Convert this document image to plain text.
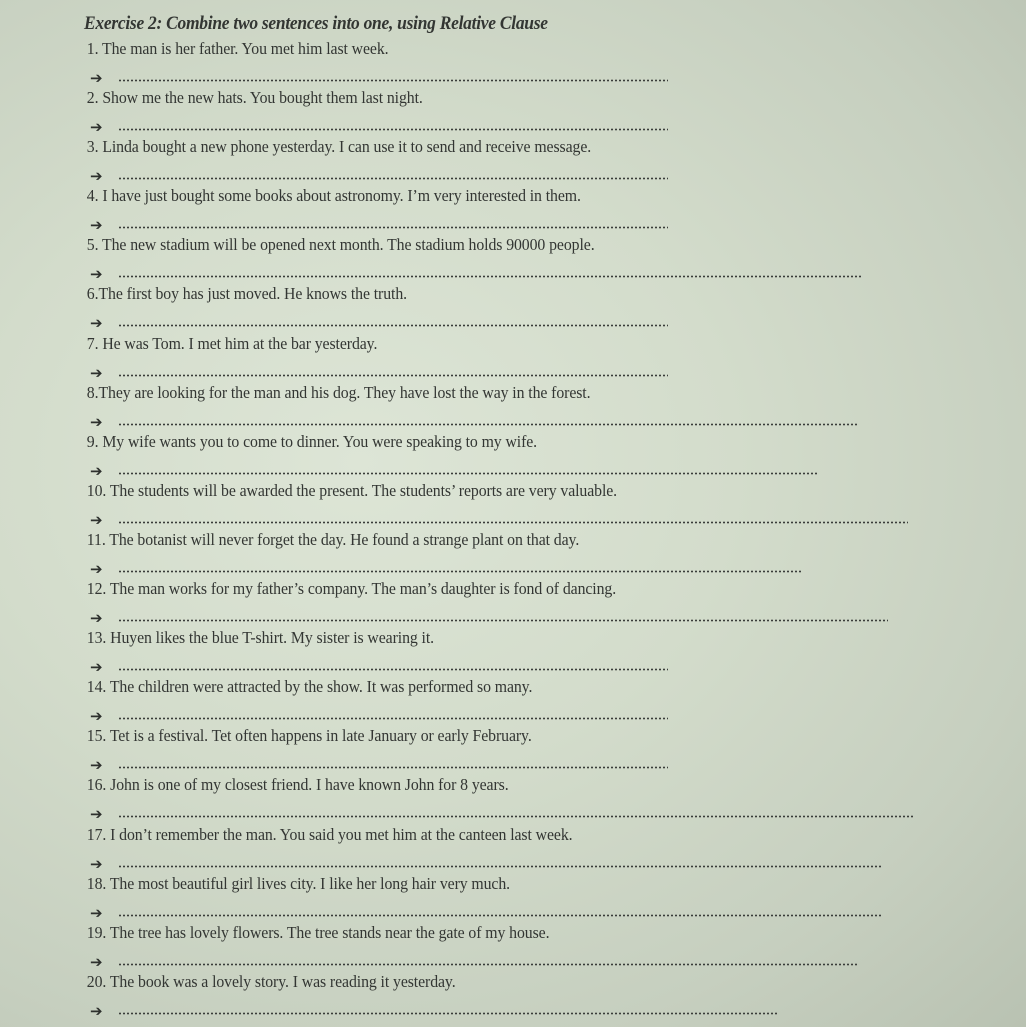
Exercise 2: Combine two sentences into one, using Relative Clause
1. The man is her father. You met him last week.
➔
2. Show me the new hats. You bought them last night.
➔
3. Linda bought a new phone yesterday. I can use it to send and receive message.
➔
4. I have just bought some books about astronomy. I’m very interested in them.
➔
5. The new stadium will be opened next month. The stadium holds 90000 people.
➔
6.The first boy has just moved. He knows the truth.
➔
7. He was Tom. I met him at the bar yesterday.
➔
8.They are looking for the man and his dog. They have lost the way in the forest.
➔
9. My wife wants you to come to dinner. You were speaking to my wife.
➔
10. The students will be awarded the present. The students’ reports are very valuable.
➔
11. The botanist will never forget the day. He found a strange plant on that day.
➔
12. The man works for my father’s company. The man’s daughter is fond of dancing.
➔
13. Huyen likes the blue T-shirt. My sister is wearing it.
➔
14. The children were attracted by the show. It was performed so many.
➔
15. Tet is a festival. Tet often happens in late January or early February.
➔
16. John is one of my closest friend. I have known John for 8 years.
➔
17. I don’t remember the man. You said you met him at the canteen last week.
➔
18. The most beautiful girl lives city. I like her long hair very much.
➔
19. The tree has lovely flowers. The tree stands near the gate of my house.
➔
20. The book was a lovely story. I was reading it yesterday.
➔
